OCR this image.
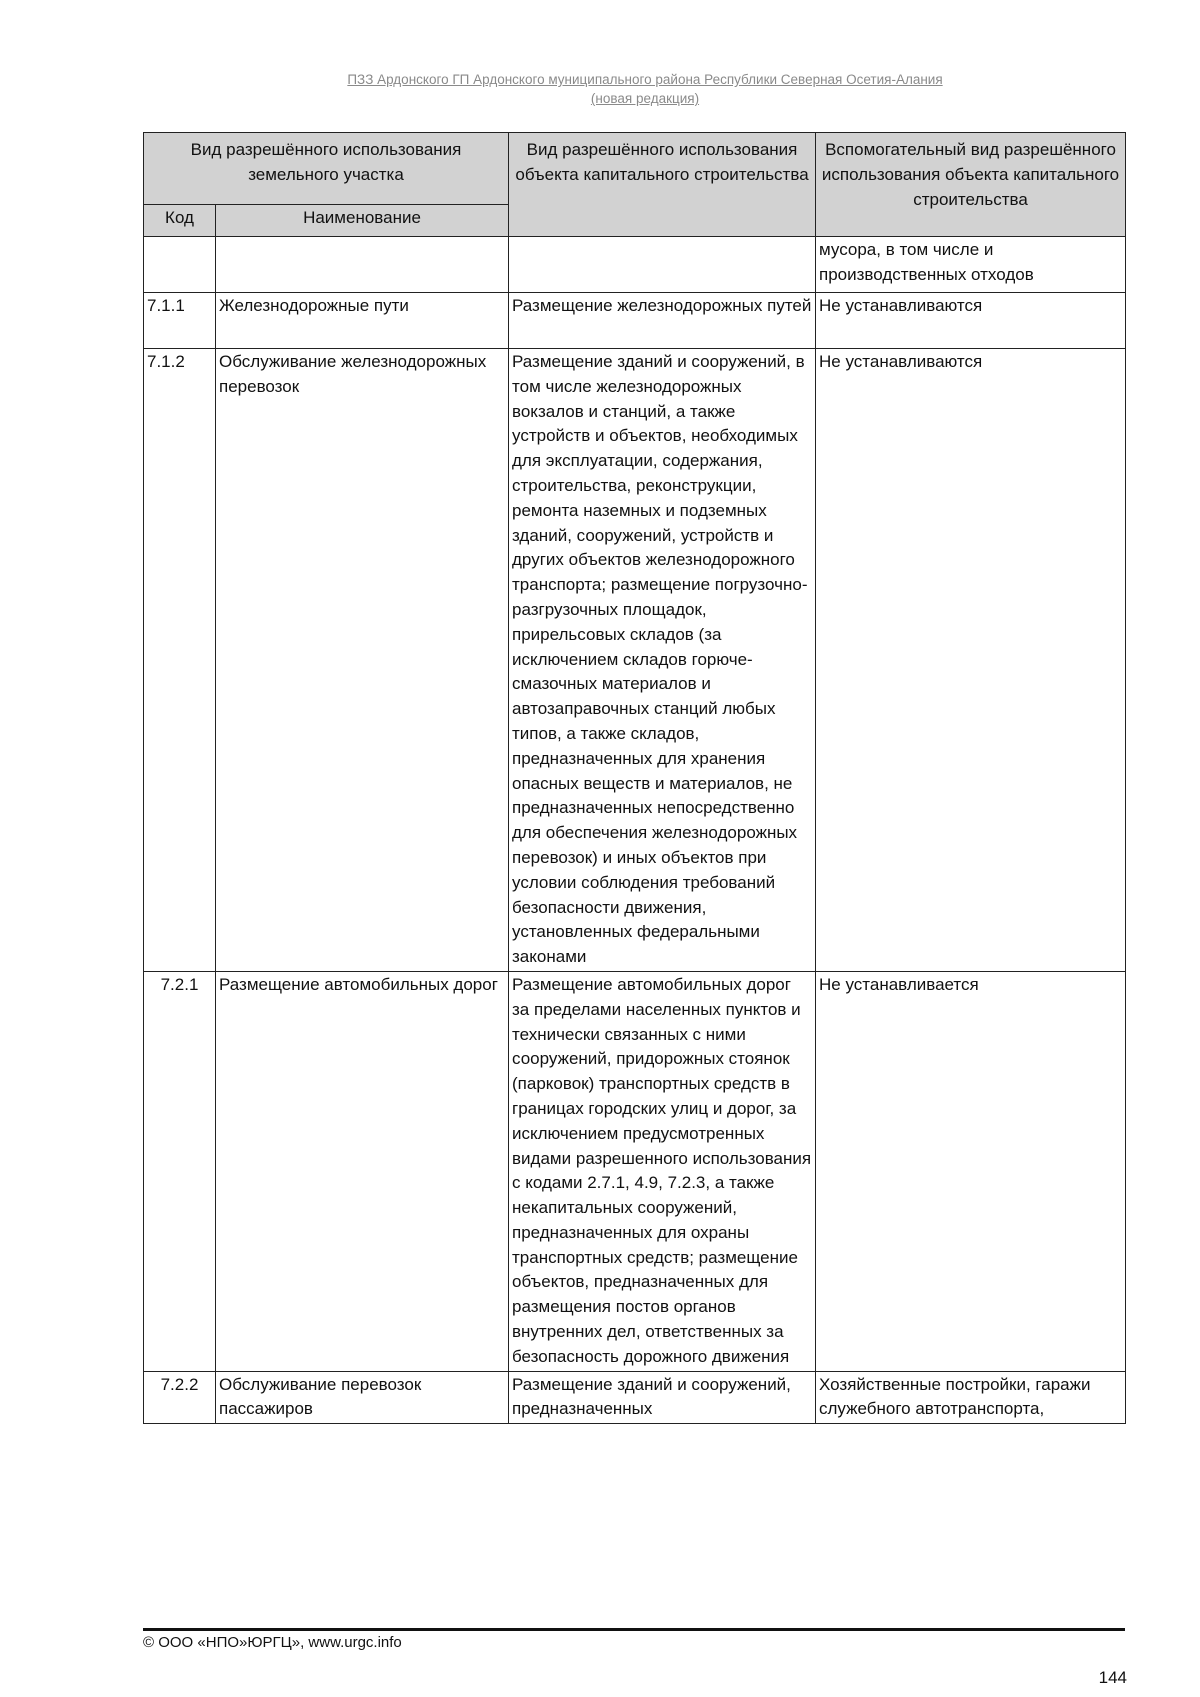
ПЗЗ Ардонского ГП Ардонского муниципального района Республики Северная Осетия-Алания
(новая редакция)
Вид разрешённого использования земельного участка		Вид разрешённого использования объекта капитального строительства	Вспомогательный вид разрешённого использования объекта капитального строительства
Код	Наименование		
			мусора, в том числе и производственных отходов
7.1.1	Железнодорожные пути	Размещение железнодорожных путей	Не устанавливаются
7.1.2	Обслуживание железнодорожных перевозок	Размещение зданий и сооружений, в том числе железнодорожных вокзалов и станций, а также устройств и объектов, необходимых для эксплуатации, содержания, строительства, реконструкции, ремонта наземных и подземных зданий, сооружений, устройств и других объектов железнодорожного транспорта; размещение погрузочно-разгрузочных площадок, прирельсовых складов (за исключением складов горюче-смазочных материалов и автозаправочных станций любых типов, а также складов, предназначенных для хранения опасных веществ и материалов, не предназначенных непосредственно для обеспечения железнодорожных перевозок) и иных объектов при условии соблюдения требований безопасности движения, установленных федеральными законами	Не устанавливаются
7.2.1	Размещение автомобильных дорог	Размещение автомобильных дорог за пределами населенных пунктов и технически связанных с ними сооружений, придорожных стоянок (парковок) транспортных средств в границах городских улиц и дорог, за исключением предусмотренных видами разрешенного использования с кодами 2.7.1, 4.9, 7.2.3, а также некапитальных сооружений, предназначенных для охраны транспортных средств; размещение объектов, предназначенных для размещения постов органов внутренних дел, ответственных за безопасность дорожного движения	Не устанавливается
7.2.2	Обслуживание перевозок пассажиров	Размещение зданий и сооружений, предназначенных	Хозяйственные постройки, гаражи служебного автотранспорта,
© ООО «НПО»ЮРГЦ», www.urgc.info
144
